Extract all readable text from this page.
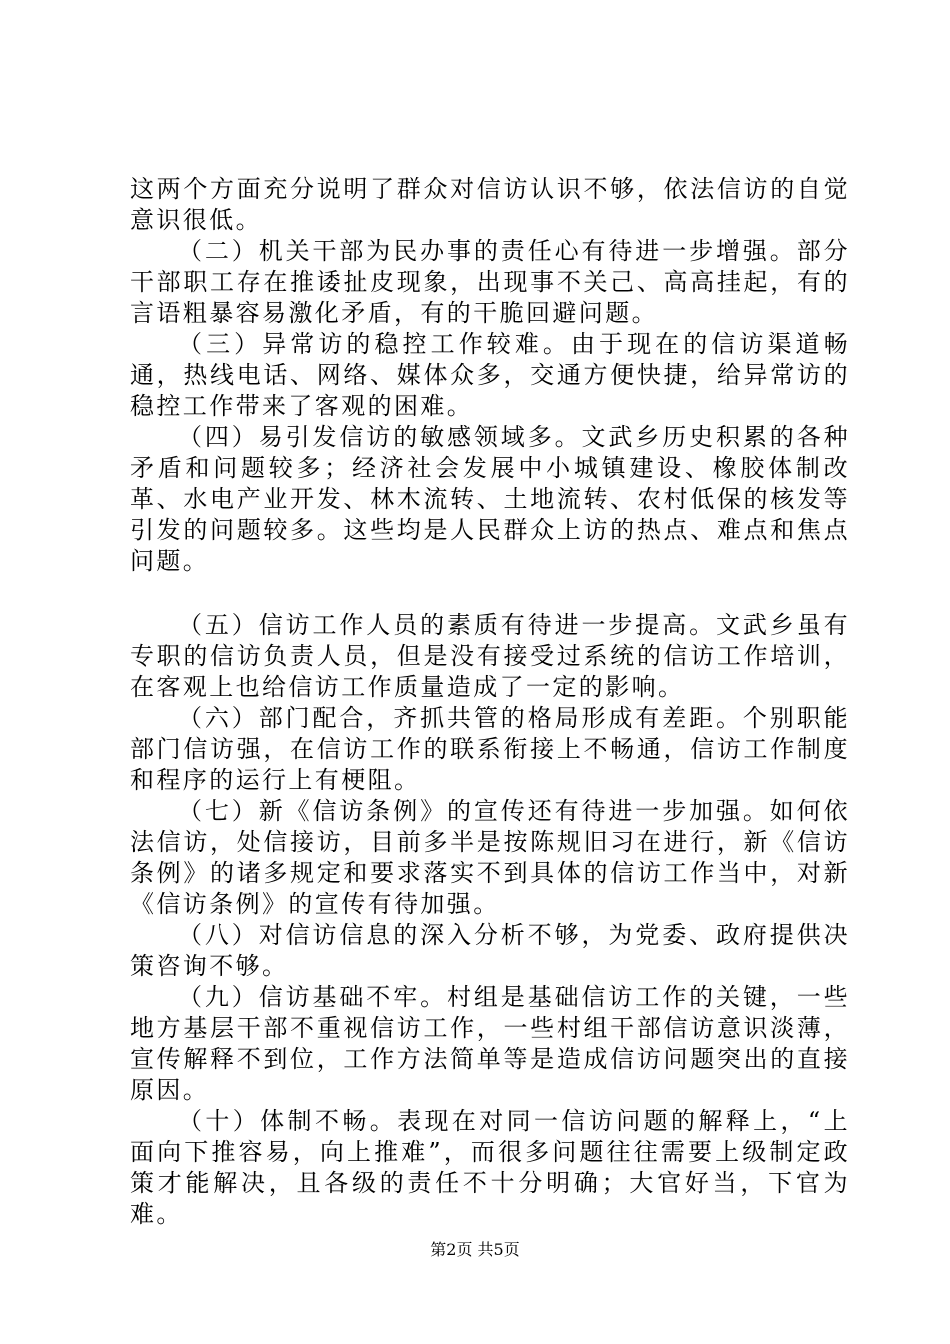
这两个方面充分说明了群众对信访认识不够，依法信访的自觉意识很低。

（二）机关干部为民办事的责任心有待进一步增强。部分干部职工存在推诿扯皮现象，出现事不关己、高高挂起，有的言语粗暴容易激化矛盾，有的干脆回避问题。

（三）异常访的稳控工作较难。由于现在的信访渠道畅通，热线电话、网络、媒体众多，交通方便快捷，给异常访的稳控工作带来了客观的困难。

（四）易引发信访的敏感领域多。文武乡历史积累的各种矛盾和问题较多；经济社会发展中小城镇建设、橡胶体制改革、水电产业开发、林木流转、土地流转、农村低保的核发等引发的问题较多。这些均是人民群众上访的热点、难点和焦点问题。

（五）信访工作人员的素质有待进一步提高。文武乡虽有专职的信访负责人员，但是没有接受过系统的信访工作培训，在客观上也给信访工作质量造成了一定的影响。

（六）部门配合，齐抓共管的格局形成有差距。个别职能部门信访强，在信访工作的联系衔接上不畅通，信访工作制度和程序的运行上有梗阻。

（七）新《信访条例》的宣传还有待进一步加强。如何依法信访，处信接访，目前多半是按陈规旧习在进行，新《信访条例》的诸多规定和要求落实不到具体的信访工作当中，对新《信访条例》的宣传有待加强。

（八）对信访信息的深入分析不够，为党委、政府提供决策咨询不够。

（九）信访基础不牢。村组是基础信访工作的关键，一些地方基层干部不重视信访工作，一些村组干部信访意识淡薄，宣传解释不到位，工作方法简单等是造成信访问题突出的直接原因。

（十）体制不畅。表现在对同一信访问题的解释上，“上面向下推容易，向上推难”，而很多问题往往需要上级制定政策才能解决，且各级的责任不十分明确；大官好当，下官为难。

第2页 共5页
